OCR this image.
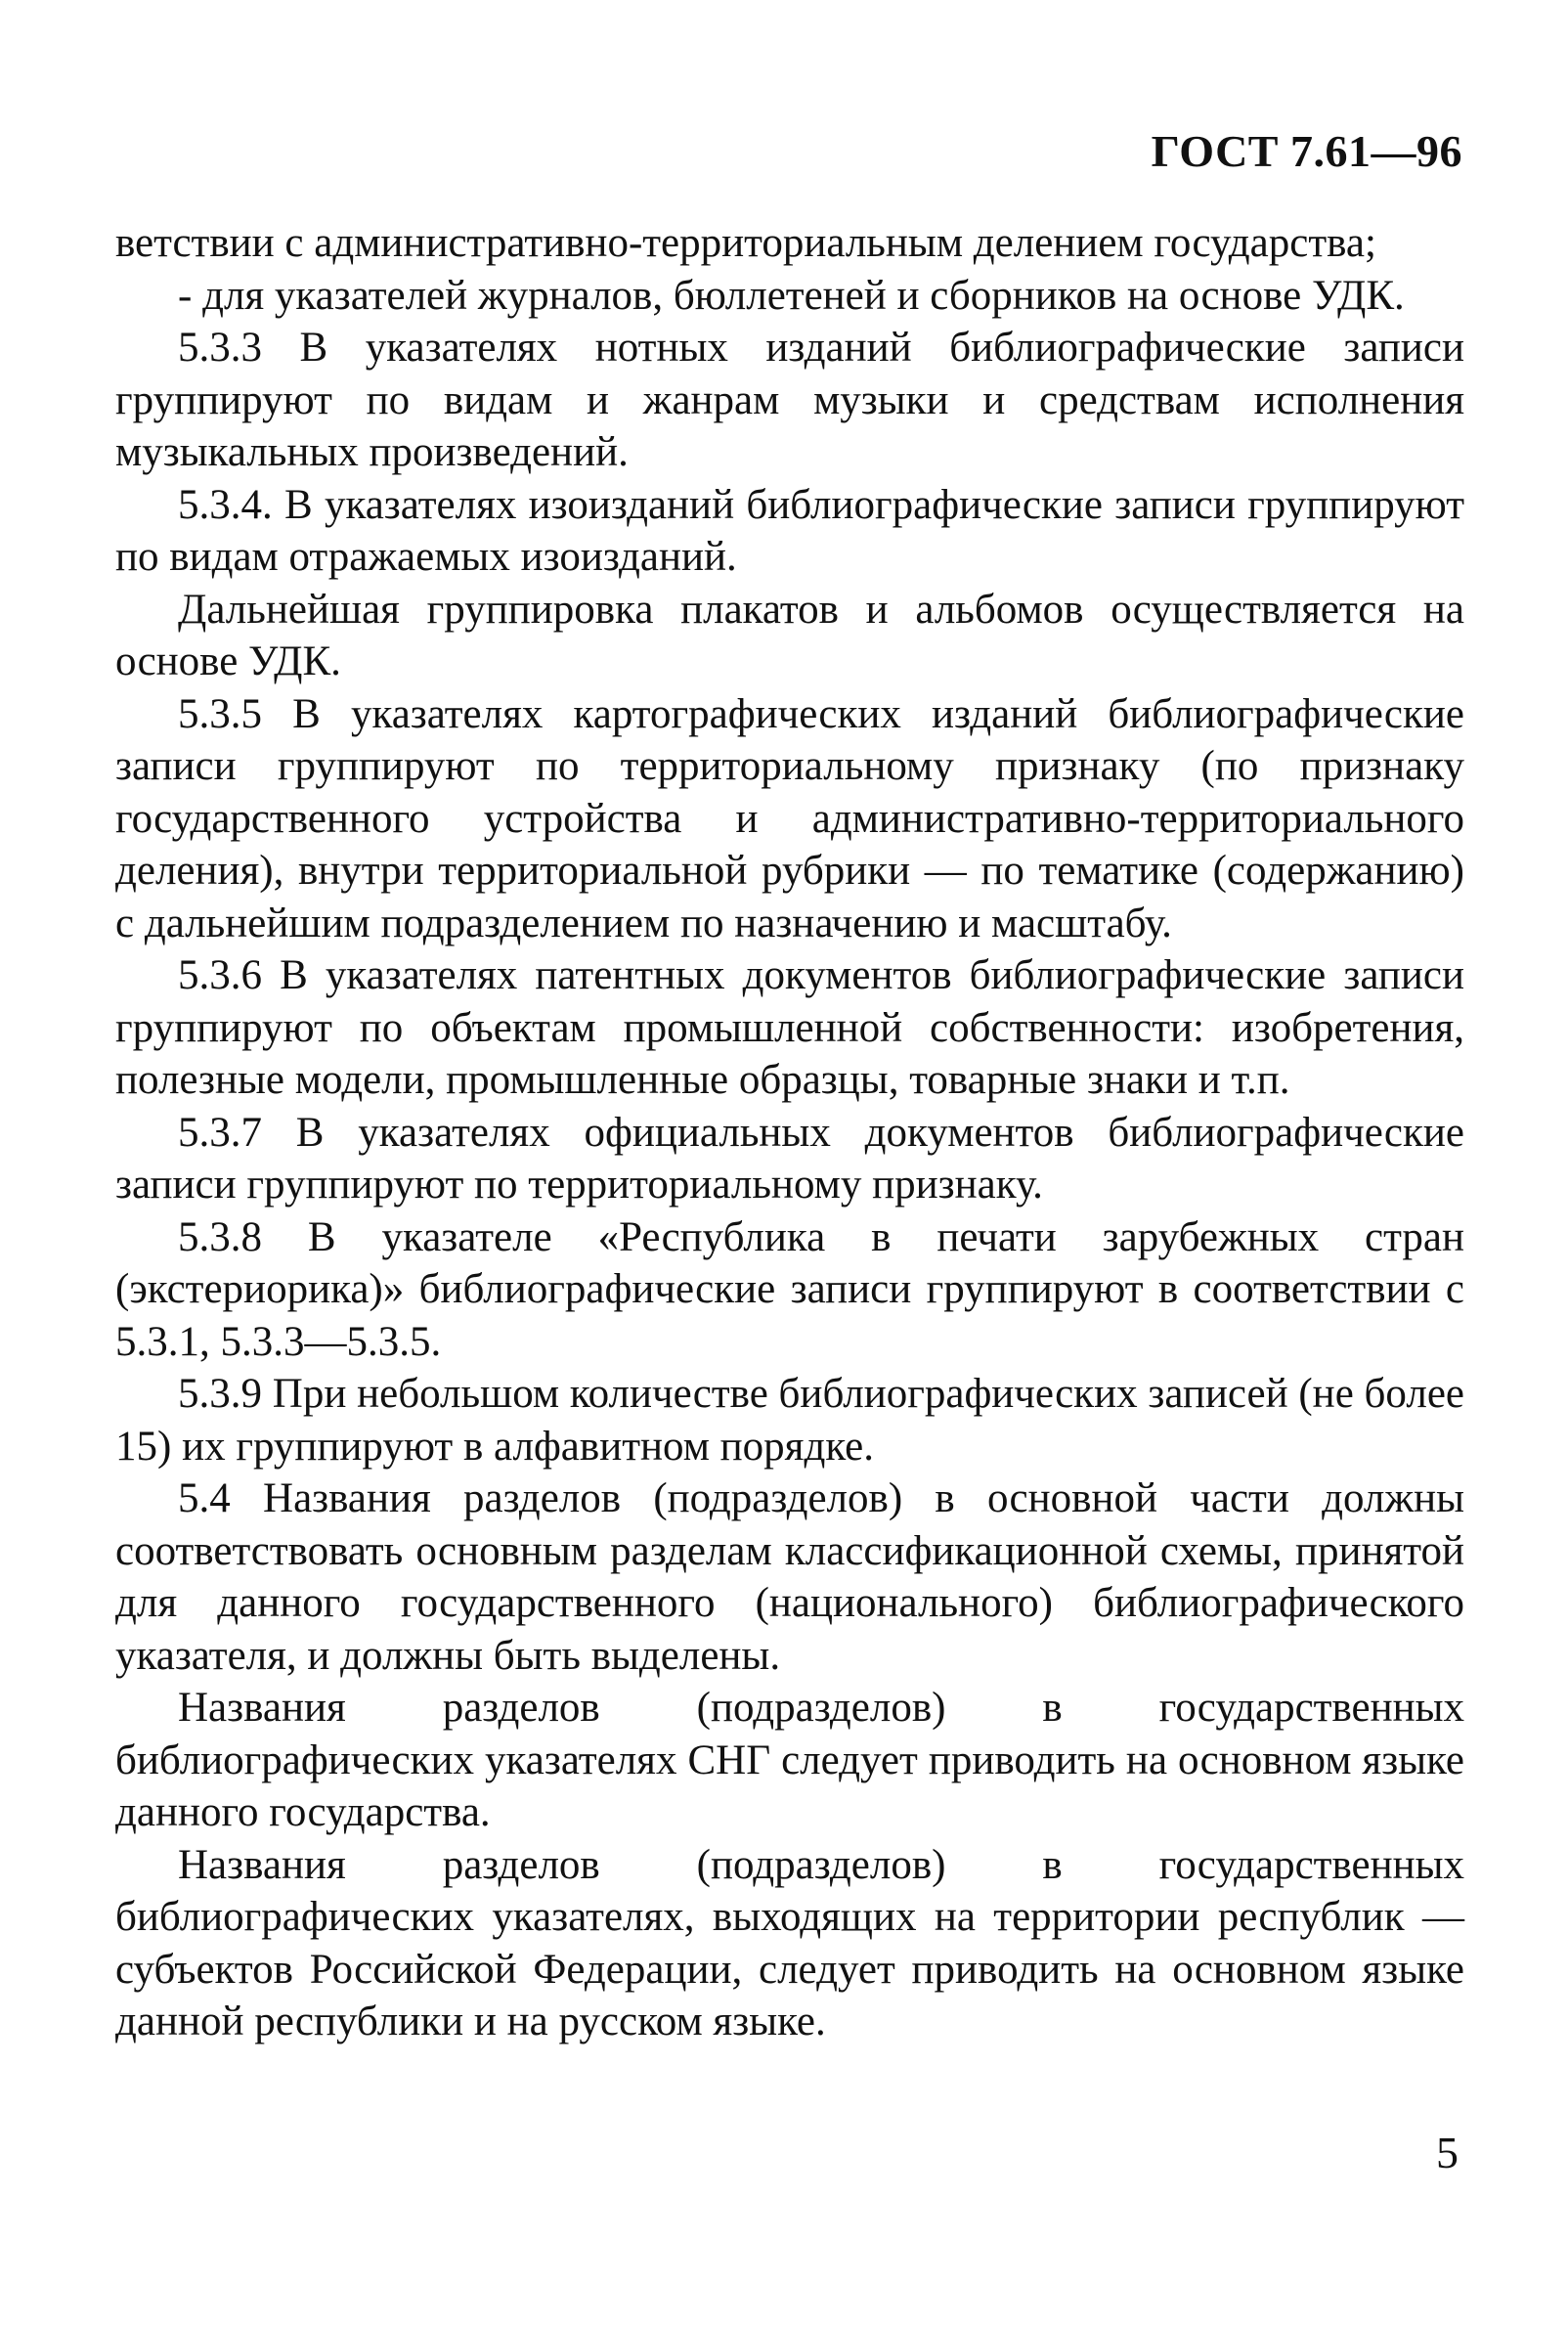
ГОСТ 7.61—96

ветствии с административно-территориальным делением государства;

- для указателей журналов, бюллетеней и сборников на основе УДК.

5.3.3 В указателях нотных изданий библиографические записи группируют по видам и жанрам музыки и средствам исполнения музыкальных произведений.

5.3.4. В указателях изоизданий библиографические записи группируют по видам отражаемых изоизданий.

Дальнейшая группировка плакатов и альбомов осуществляется на основе УДК.

5.3.5 В указателях картографических изданий библиографические записи группируют по территориальному признаку (по признаку государственного устройства и административно-территориального деления), внутри территориальной рубрики — по тематике (содержанию) с дальнейшим подразделением по назначению и масштабу.

5.3.6 В указателях патентных документов библиографические записи группируют по объектам промышленной собственности: изобретения, полезные модели, промышленные образцы, товарные знаки и т.п.

5.3.7 В указателях официальных документов библиографические записи группируют по территориальному признаку.

5.3.8 В указателе «Республика в печати зарубежных стран (экстериорика)» библиографические записи группируют в соответствии с 5.3.1, 5.3.3—5.3.5.

5.3.9 При небольшом количестве библиографических записей (не более 15) их группируют в алфавитном порядке.

5.4 Названия разделов (подразделов) в основной части должны соответствовать основным разделам классификационной схемы, принятой для данного государственного (национального) библиографического указателя, и должны быть выделены.

Названия разделов (подразделов) в государственных библиографических указателях СНГ следует приводить на основном языке данного государства.

Названия разделов (подразделов) в государственных библиографических указателях, выходящих на территории республик — субъектов Российской Федерации, следует приводить на основном языке данной республики и на русском языке.

5
